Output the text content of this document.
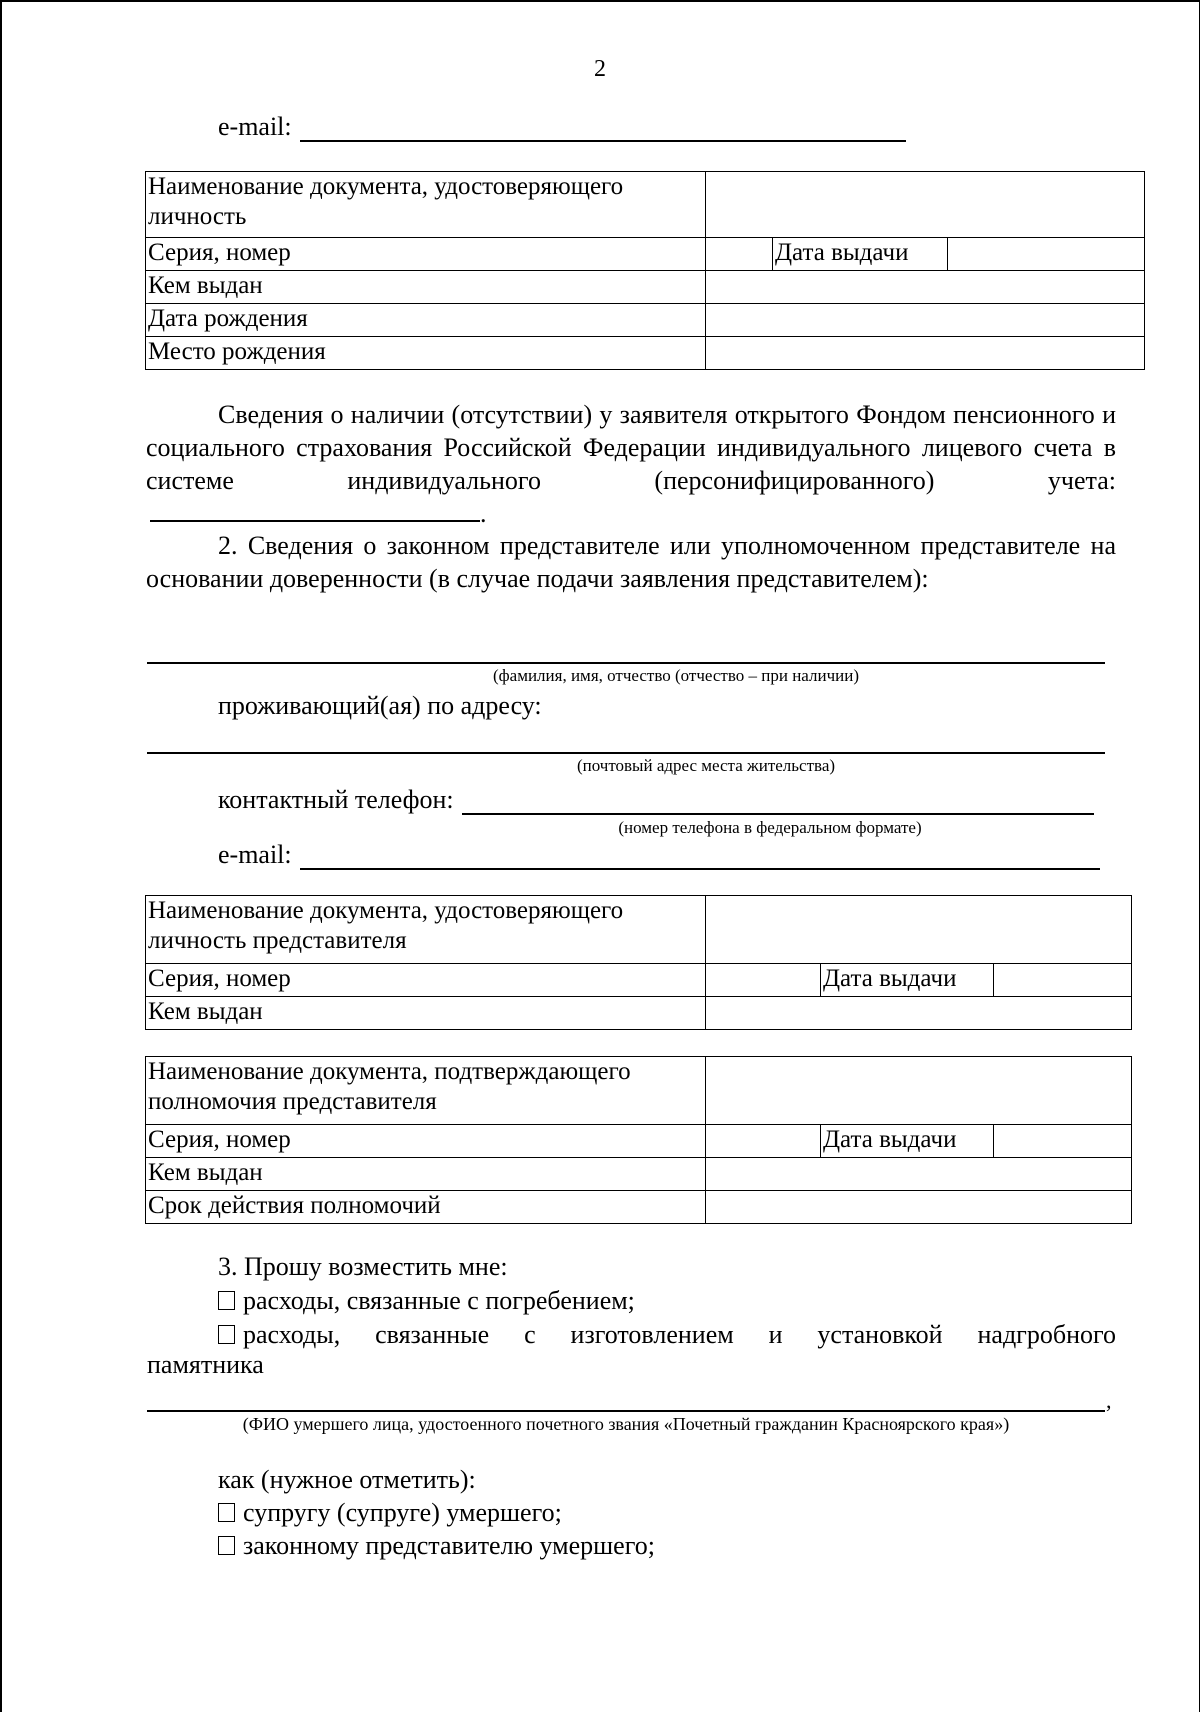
2
e-mail:
Наименование документа, удостоверяющего личность			
Серия, номер		Дата выдачи	
Кем выдан			
Дата рождения			
Место рождения			
Сведения о наличии (отсутствии) у заявителя открытого Фондом пенсионного и социального страхования Российской Федерации индивидуального лицевого счета в системе индивидуального (персонифицированного) учета: .
2. Сведения о законном представителе или уполномоченном представителе на основании доверенности (в случае подачи заявления представителем):
(фамилия, имя, отчество (отчество – при наличии)
проживающий(ая) по адресу:
(почтовый адрес места жительства)
контактный телефон:
(номер телефона в федеральном формате)
e-mail:
Наименование документа, удостоверяющего
личность представителя			
Серия, номер		Дата выдачи	
Кем выдан			
Наименование документа, подтверждающего
полномочия представителя			
Серия, номер		Дата выдачи	
Кем выдан			
Срок действия полномочий			
3. Прошу возместить мне:
расходы, связанные с погребением;
расходы, связанные с изготовлением и установкой надгробного
памятника
,
(ФИО умершего лица, удостоенного почетного звания «Почетный гражданин Красноярского края»)
как (нужное отметить):
супругу (супруге) умершего;
законному представителю умершего;
